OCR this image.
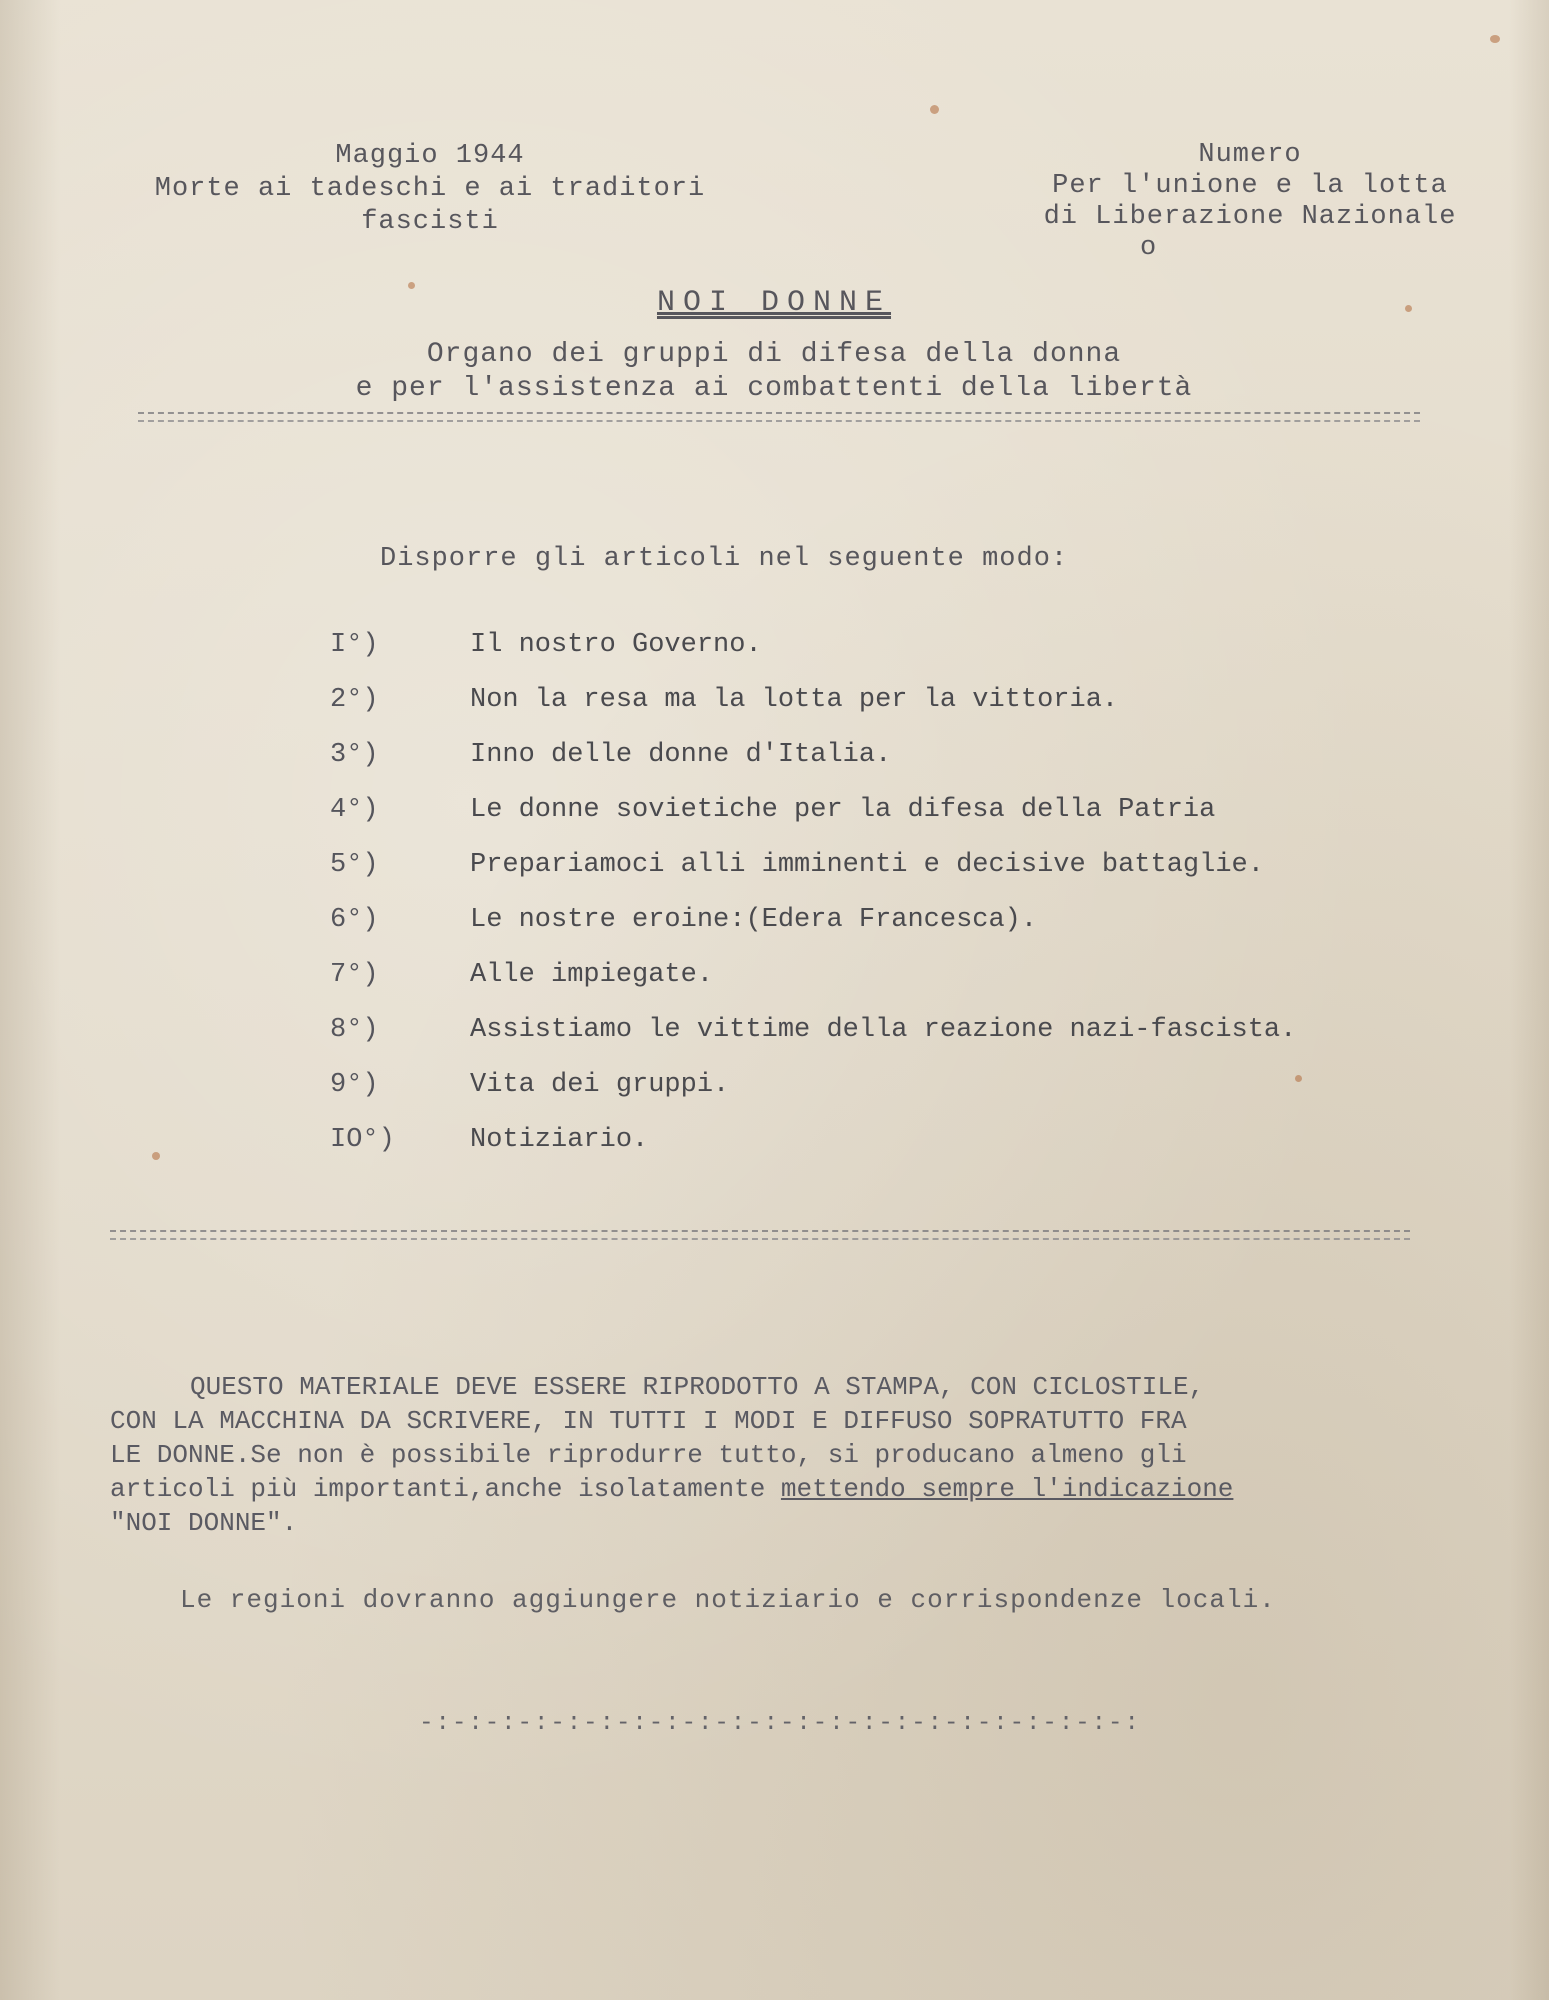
Maggio 1944
Morte ai tadeschi e ai traditori
fascisti
Numero
Per l'unione e la lotta
di Liberazione Nazionale
o
NOI DONNE
Organo dei gruppi di difesa della donna
e per l'assistenza ai combattenti della libertà
Disporre gli articoli nel seguente modo:
I°)	Il nostro Governo.
2°)	Non la resa ma la lotta per la vittoria.
3°)	Inno delle donne d'Italia.
4°)	Le donne sovietiche per la difesa della Patria
5°)	Prepariamoci alli imminenti e decisive battaglie.
6°)	Le nostre eroine:(Edera Francesca).
7°)	Alle impiegate.
8°)	Assistiamo le vittime della reazione nazi-fascista.
9°)	Vita dei gruppi.
IO°)	Notiziario.

QUESTO MATERIALE DEVE ESSERE RIPRODOTTO A STAMPA, CON CICLOSTILE,

CON LA MACCHINA DA SCRIVERE, IN TUTTI I MODI E DIFFUSO SOPRATUTTO FRA

LE DONNE.Se non è possibile riprodurre tutto, si producano almeno gli

articoli più importanti,anche isolatamente mettendo sempre l'indicazione

"NOI DONNE".

Le regioni dovranno aggiungere notiziario e corrispondenze locali.
-:-:-:-:-:-:-:-:-:-:-:-:-:-:-:-:-:-:-:-:-:-:
